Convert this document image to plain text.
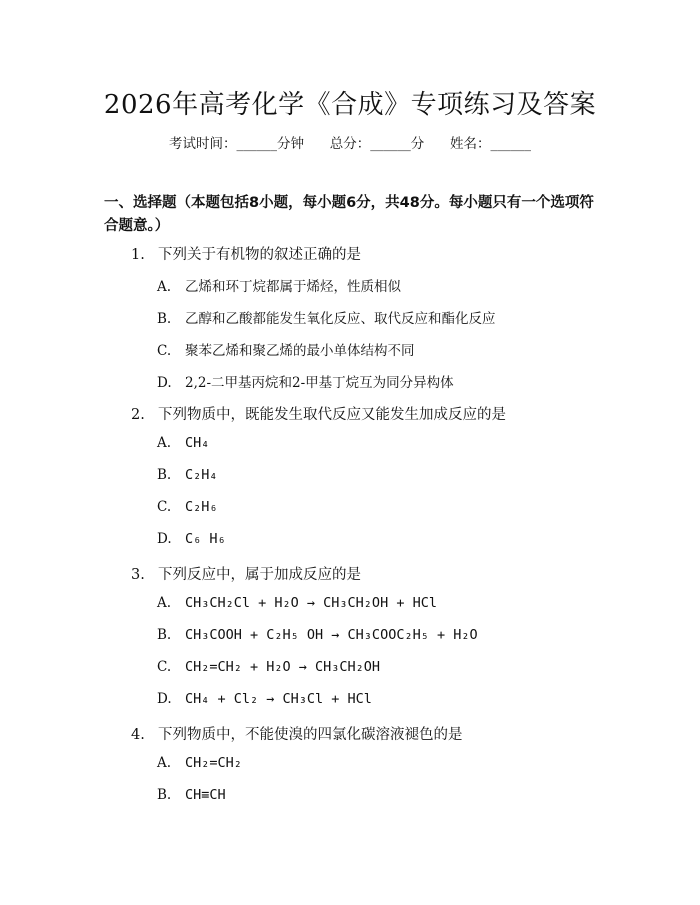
2026年高考化学《合成》专项练习及答案
考试时间：______分钟 总分：______分 姓名：______
一、选择题（本题包括8小题，每小题6分，共48分。每小题只有一个选项符合题意。）
1. 下列关于有机物的叙述正确的是
A. 乙烯和环丁烷都属于烯烃，性质相似
B. 乙醇和乙酸都能发生氧化反应、取代反应和酯化反应
C. 聚苯乙烯和聚乙烯的最小单体结构不同
D. 2,2-二甲基丙烷和2-甲基丁烷互为同分异构体
2. 下列物质中，既能发生取代反应又能发生加成反应的是
A. CH₄
B. C₂H₄
C. C₂H₆
D. C₆ H₆
3. 下列反应中，属于加成反应的是
A. CH₃CH₂Cl + H₂O → CH₃CH₂OH + HCl
B. CH₃COOH + C₂H₅ OH → CH₃COOC₂H₅ + H₂O
C. CH₂=CH₂ + H₂O → CH₃CH₂OH
D. CH₄ + Cl₂ → CH₃Cl + HCl
4. 下列物质中，不能使溴的四氯化碳溶液褪色的是
A. CH₂=CH₂
B. CH≡CH
